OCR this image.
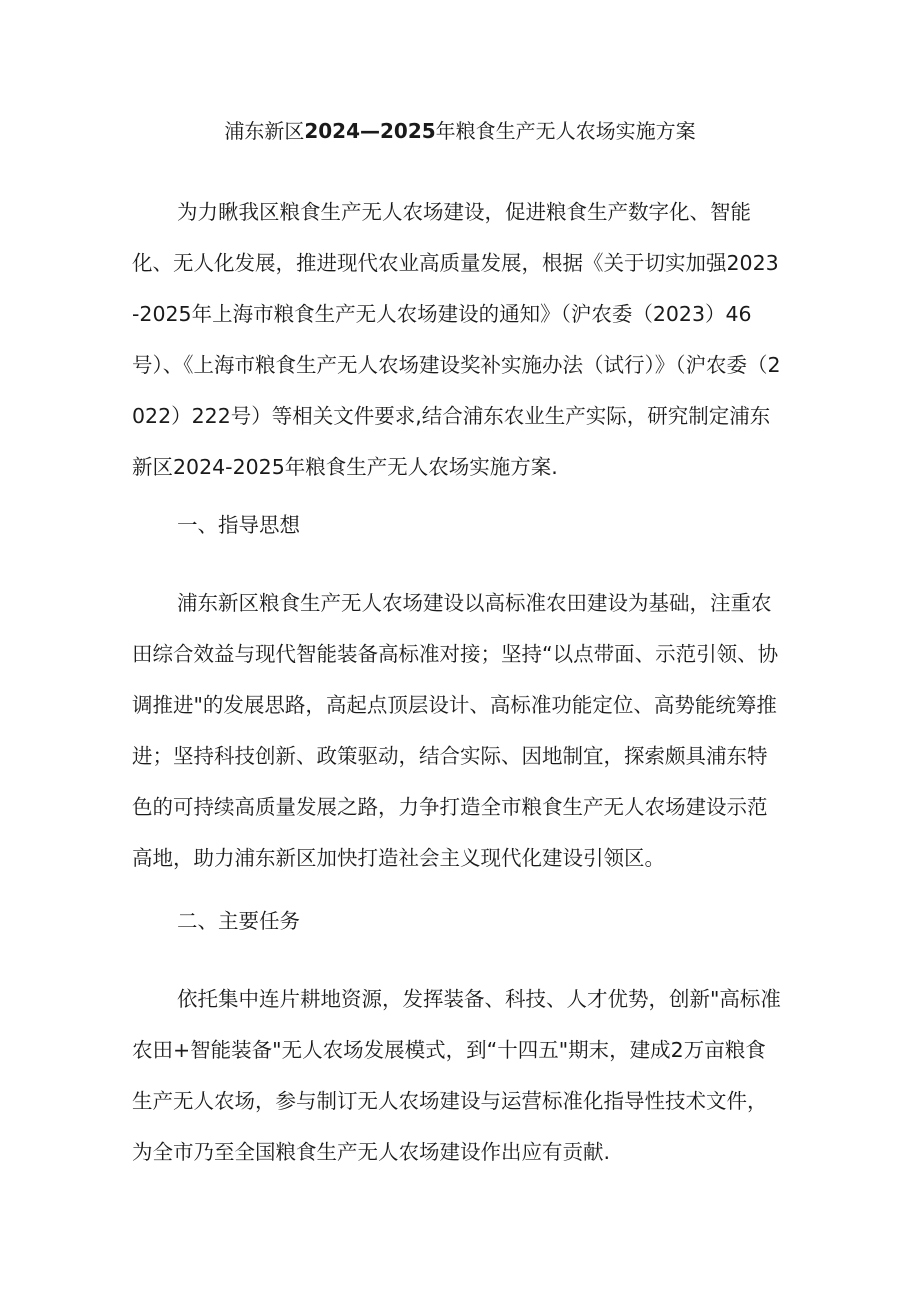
浦东新区2024—2025年粮食生产无人农场实施方案

为力瞅我区粮食生产无人农场建设，促进粮食生产数字化、智能化、无人化发展，推进现代农业高质量发展，根据《关于切实加强2023-2025年上海市粮食生产无人农场建设的通知》（沪农委（2023）46号）、《上海市粮食生产无人农场建设奖补实施办法（试行）》（沪农委（2022）222号）等相关文件要求,结合浦东农业生产实际，研究制定浦东新区2024-2025年粮食生产无人农场实施方案.

一、指导思想

浦东新区粮食生产无人农场建设以高标准农田建设为基础，注重农田综合效益与现代智能装备高标准对接；坚持“以点带面、示范引领、协调推进"的发展思路，高起点顶层设计、高标准功能定位、高势能统筹推进；坚持科技创新、政策驱动，结合实际、因地制宜，探索颇具浦东特色的可持续高质量发展之路，力争打造全市粮食生产无人农场建设示范高地，助力浦东新区加快打造社会主义现代化建设引领区。

二、主要任务

依托集中连片耕地资源，发挥装备、科技、人才优势，创新"高标准农田+智能装备"无人农场发展模式，到“十四五"期末，建成2万亩粮食生产无人农场，参与制订无人农场建设与运营标准化指导性技术文件，为全市乃至全国粮食生产无人农场建设作出应有贡献.
